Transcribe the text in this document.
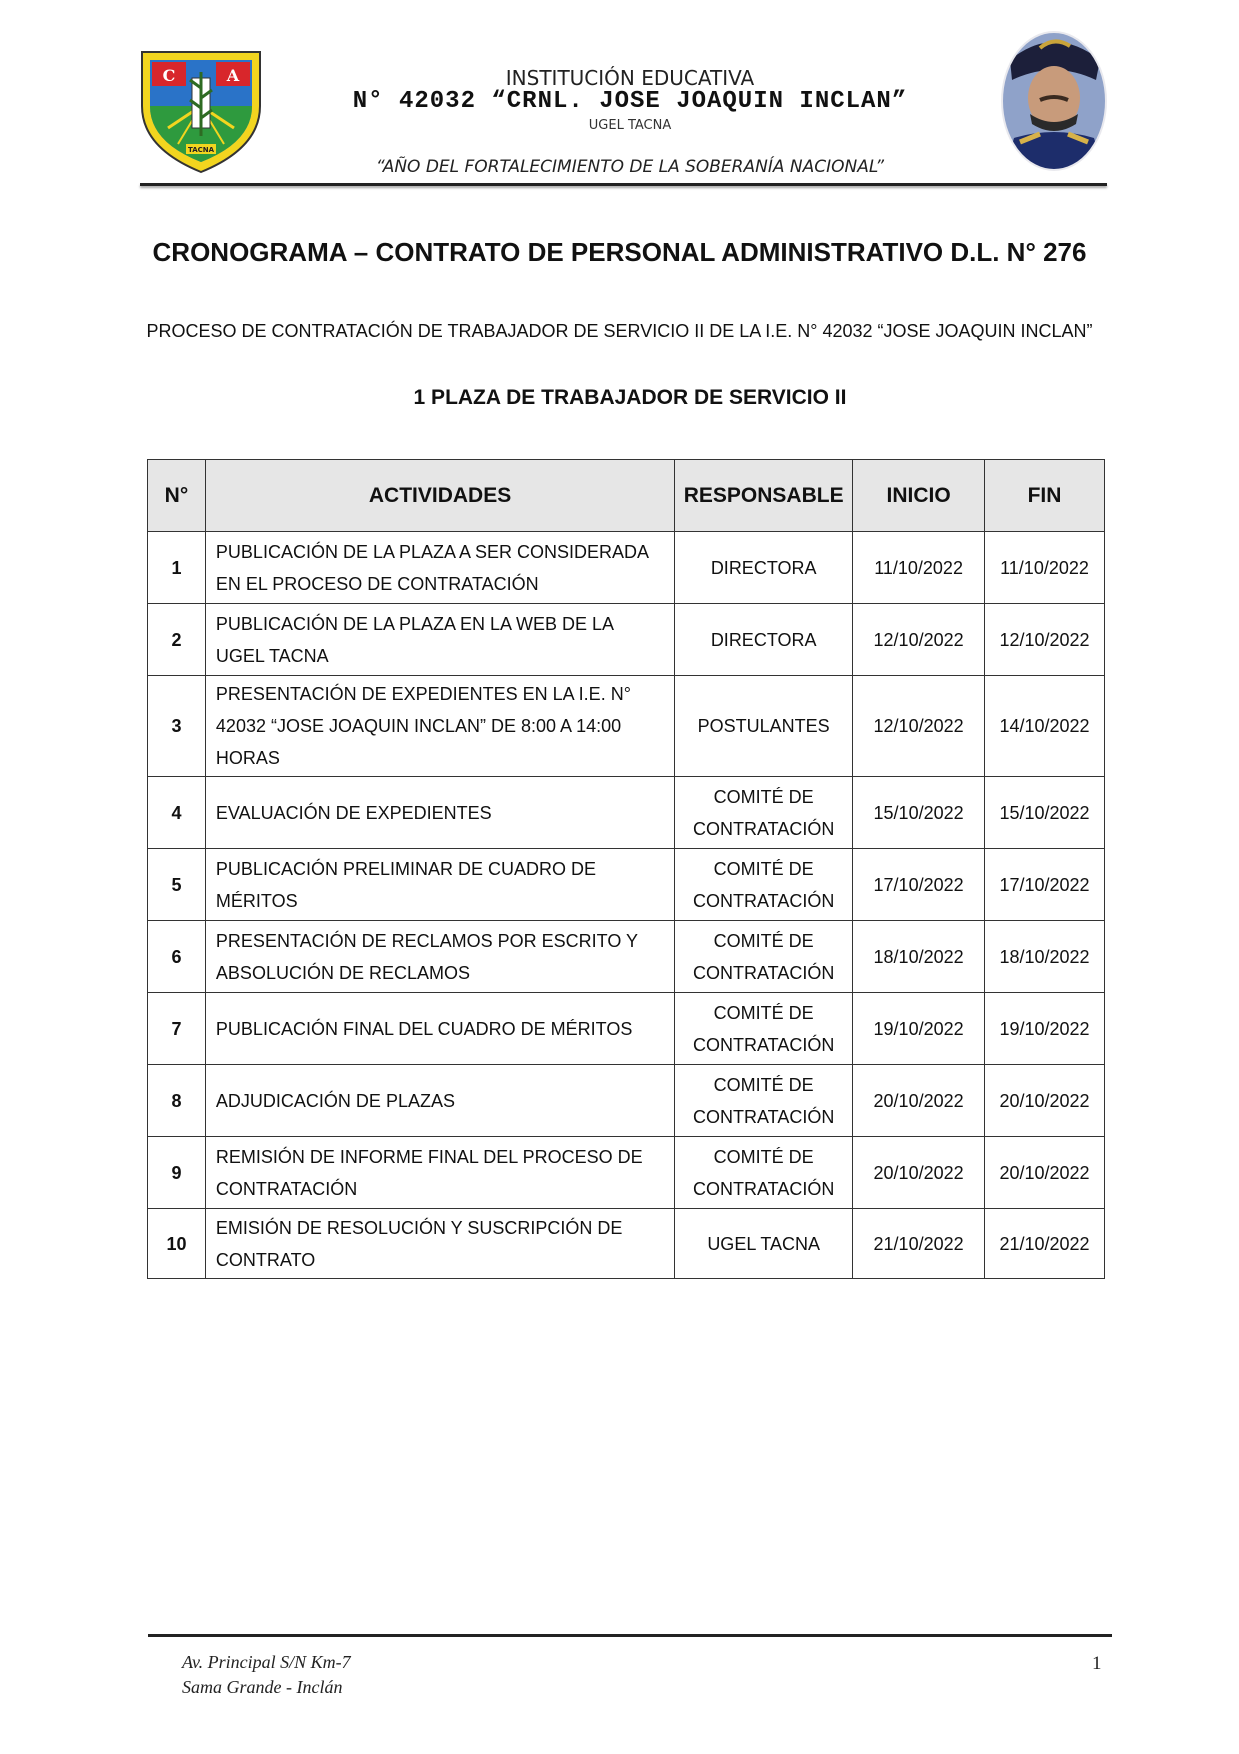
C	A
TACNA
INSTITUCIÓN EDUCATIVA
N° 42032 “CRNL. JOSE JOAQUIN INCLAN”
UGEL TACNA
“AÑO DEL FORTALECIMIENTO DE LA SOBERANÍA NACIONAL”
CRONOGRAMA – CONTRATO DE PERSONAL ADMINISTRATIVO D.L. N° 276
PROCESO DE CONTRATACIÓN DE TRABAJADOR DE SERVICIO II DE LA I.E. N° 42032 “JOSE JOAQUIN INCLAN”
1 PLAZA DE TRABAJADOR DE SERVICIO II
N°	ACTIVIDADES	RESPONSABLE	INICIO	FIN
1	PUBLICACIÓN DE LA PLAZA A SER CONSIDERADA EN EL PROCESO DE CONTRATACIÓN	DIRECTORA	11/10/2022	11/10/2022
2	PUBLICACIÓN DE LA PLAZA EN LA WEB DE LA UGEL TACNA	DIRECTORA	12/10/2022	12/10/2022
3	PRESENTACIÓN DE EXPEDIENTES EN LA I.E. N° 42032 “JOSE JOAQUIN INCLAN” DE 8:00 A 14:00 HORAS	POSTULANTES	12/10/2022	14/10/2022
4	EVALUACIÓN DE EXPEDIENTES	COMITÉ DE CONTRATACIÓN	15/10/2022	15/10/2022
5	PUBLICACIÓN PRELIMINAR DE CUADRO DE MÉRITOS	COMITÉ DE CONTRATACIÓN	17/10/2022	17/10/2022
6	PRESENTACIÓN DE RECLAMOS POR ESCRITO Y ABSOLUCIÓN DE RECLAMOS	COMITÉ DE CONTRATACIÓN	18/10/2022	18/10/2022
7	PUBLICACIÓN FINAL DEL CUADRO DE MÉRITOS	COMITÉ DE CONTRATACIÓN	19/10/2022	19/10/2022
8	ADJUDICACIÓN DE PLAZAS	COMITÉ DE CONTRATACIÓN	20/10/2022	20/10/2022
9	REMISIÓN DE INFORME FINAL DEL PROCESO DE CONTRATACIÓN	COMITÉ DE CONTRATACIÓN	20/10/2022	20/10/2022
10	EMISIÓN DE RESOLUCIÓN Y SUSCRIPCIÓN DE CONTRATO	UGEL TACNA	21/10/2022	21/10/2022
Av. Principal S/N Km-7
Sama Grande - Inclán
1
